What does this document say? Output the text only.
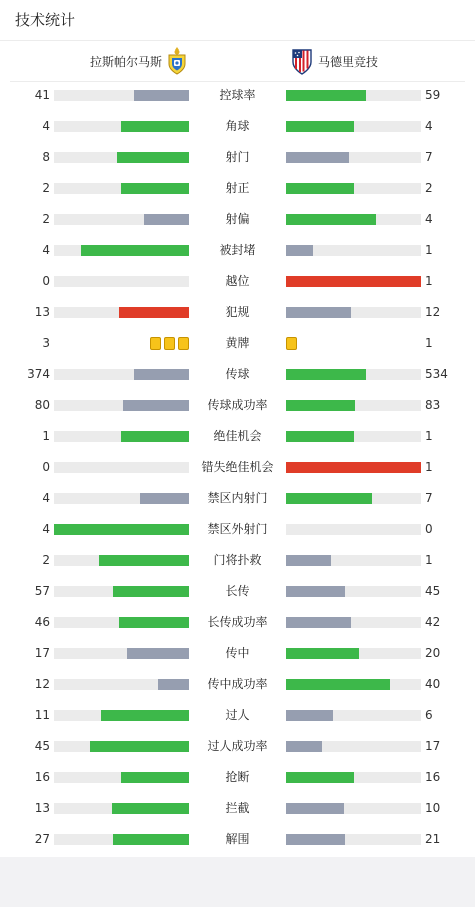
技术统计
拉斯帕尔马斯	马德里竞技
41	控球率	59
4	角球	4
8	射门	7
2	射正	2
2	射偏	4
4	被封堵	1
0	越位	1
13	犯规	12
3	黄牌	1
374	传球	534
80	传球成功率	83
1	绝佳机会	1
0	错失绝佳机会	1
4	禁区内射门	7
4	禁区外射门	0
2	门将扑救	1
57	长传	45
46	长传成功率	42
17	传中	20
12	传中成功率	40
11	过人	6
45	过人成功率	17
16	抢断	16
13	拦截	10
27	解围	21
